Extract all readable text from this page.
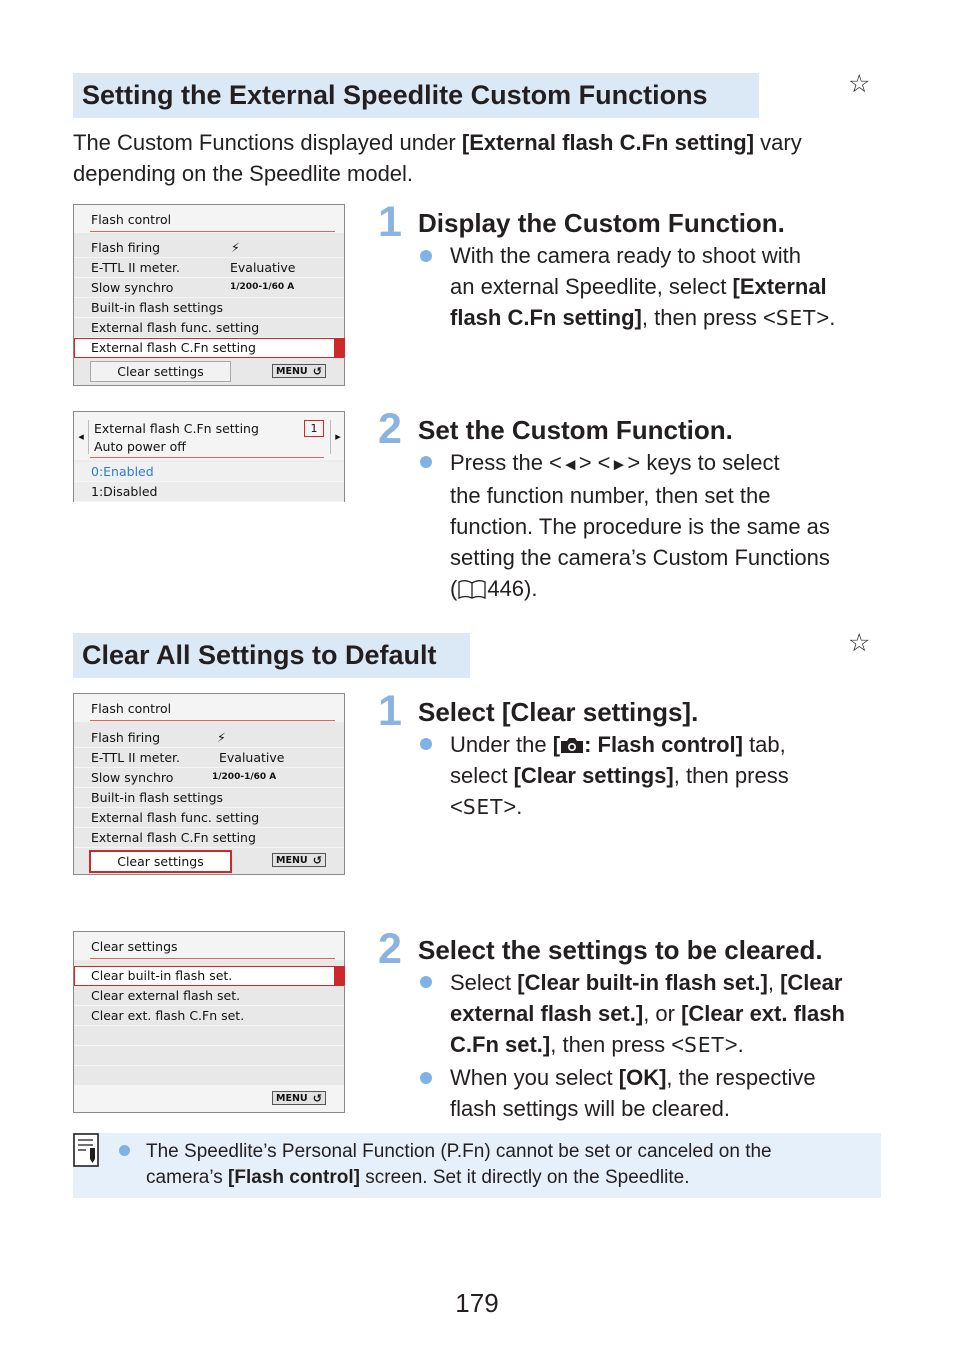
Setting the External Speedlite Custom Functions	☆
The Custom Functions displayed under [External flash C.Fn setting] vary
depending on the Speedlite model.
Flash control
Flash firing	⚡
E-TTL II meter.	Evaluative
Slow synchro	1/200-1/60 A
Built-in flash settings
External flash func. setting
External flash C.Fn setting
Clear settings	MENU ↺
◂	▸
External flash C.Fn setting
Auto power off
1
0:Enabled
1:Disabled
1 Display the Custom Function.
With the camera ready to shoot with
an external Speedlite, select [External
flash C.Fn setting], then press <SET>.
2 Set the Custom Function.
Press the <◄> <►> keys to select
the function number, then set the
function. The procedure is the same as
setting the camera’s Custom Functions
( 446).
Clear All Settings to Default	☆
Flash control
Flash firing	⚡
E-TTL II meter.	Evaluative
Slow synchro	1/200-1/60 A
Built-in flash settings
External flash func. setting
External flash C.Fn setting
Clear settings	MENU ↺
Clear settings
Clear built-in flash set.
Clear external flash set.
Clear ext. flash C.Fn set.
MENU ↺
1 Select [Clear settings].
Under the [ : Flash control] tab,
select [Clear settings], then press
<SET>.
2 Select the settings to be cleared.
Select [Clear built-in flash set.], [Clear
external flash set.], or [Clear ext. flash
C.Fn set.], then press <SET>.
When you select [OK], the respective
flash settings will be cleared.
The Speedlite’s Personal Function (P.Fn) cannot be set or canceled on the
camera’s [Flash control] screen. Set it directly on the Speedlite.
179
